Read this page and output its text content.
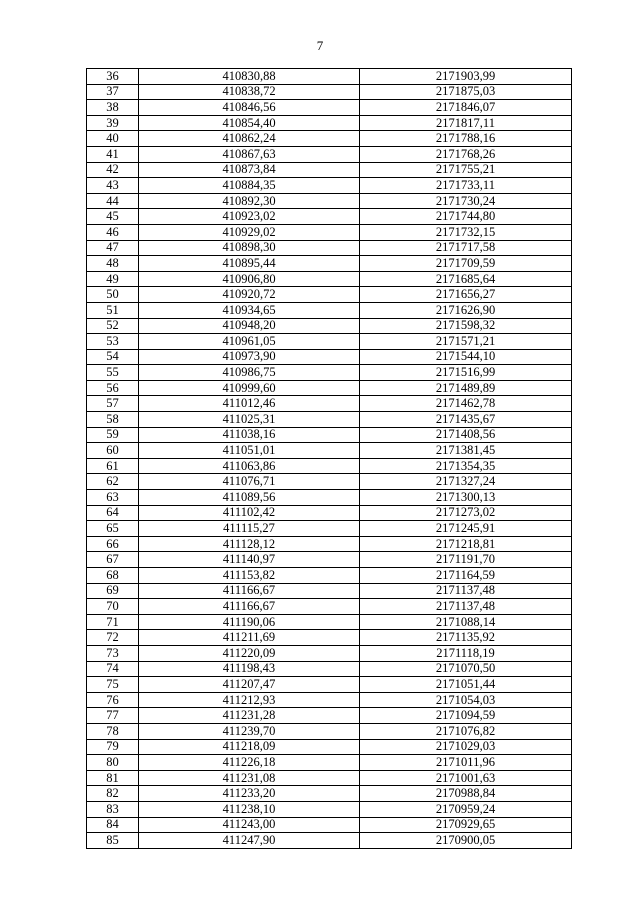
7
36	410830,88	2171903,99
37	410838,72	2171875,03
38	410846,56	2171846,07
39	410854,40	2171817,11
40	410862,24	2171788,16
41	410867,63	2171768,26
42	410873,84	2171755,21
43	410884,35	2171733,11
44	410892,30	2171730,24
45	410923,02	2171744,80
46	410929,02	2171732,15
47	410898,30	2171717,58
48	410895,44	2171709,59
49	410906,80	2171685,64
50	410920,72	2171656,27
51	410934,65	2171626,90
52	410948,20	2171598,32
53	410961,05	2171571,21
54	410973,90	2171544,10
55	410986,75	2171516,99
56	410999,60	2171489,89
57	411012,46	2171462,78
58	411025,31	2171435,67
59	411038,16	2171408,56
60	411051,01	2171381,45
61	411063,86	2171354,35
62	411076,71	2171327,24
63	411089,56	2171300,13
64	411102,42	2171273,02
65	411115,27	2171245,91
66	411128,12	2171218,81
67	411140,97	2171191,70
68	411153,82	2171164,59
69	411166,67	2171137,48
70	411166,67	2171137,48
71	411190,06	2171088,14
72	411211,69	2171135,92
73	411220,09	2171118,19
74	411198,43	2171070,50
75	411207,47	2171051,44
76	411212,93	2171054,03
77	411231,28	2171094,59
78	411239,70	2171076,82
79	411218,09	2171029,03
80	411226,18	2171011,96
81	411231,08	2171001,63
82	411233,20	2170988,84
83	411238,10	2170959,24
84	411243,00	2170929,65
85	411247,90	2170900,05
